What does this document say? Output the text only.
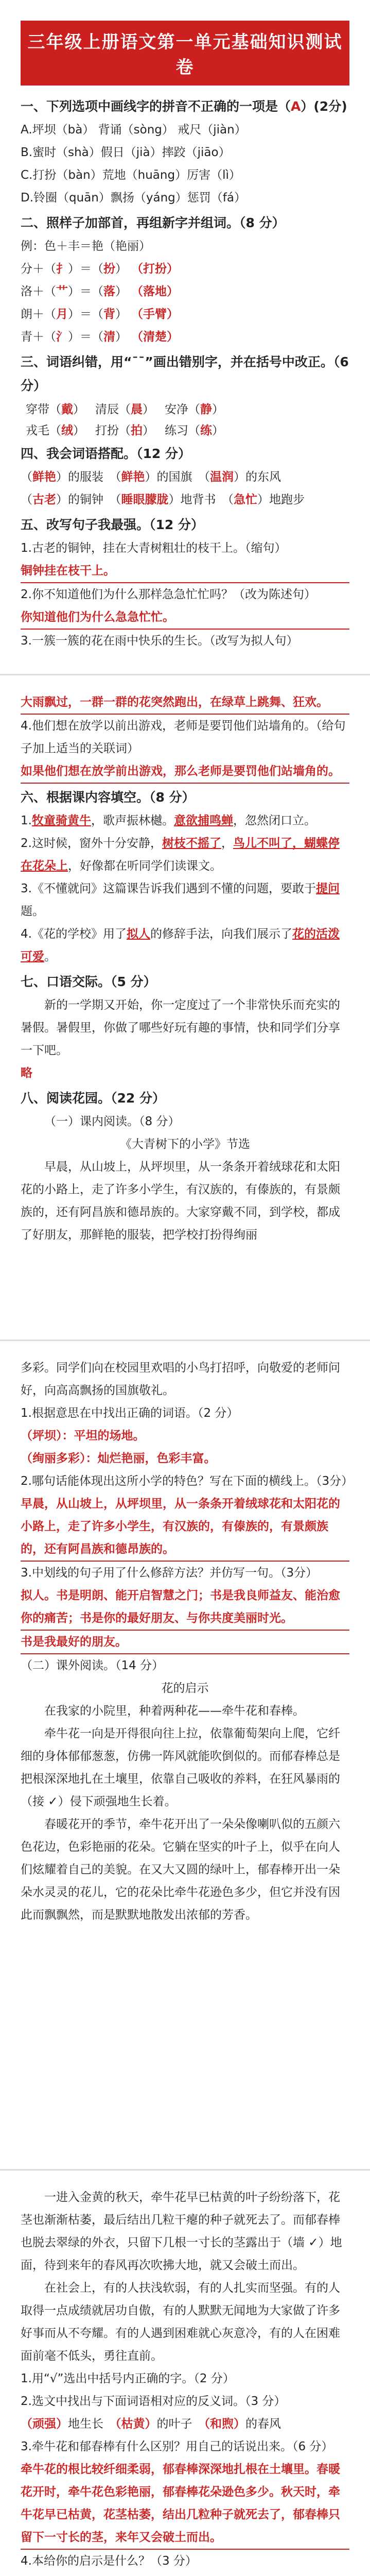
三年级上册语文第一单元基础知识测试卷
一、下列选项中画线字的拼音不正确的一项是（A）(2分)
A.坪坝（bà） 背诵（sòng） 戒尺（jiàn）
B.蜜时（shà）假日（jià）摔跤（jiāo）
C.打扮（bàn）荒地（huāng）厉害（lì）
D.铃圈（quān）飘扬（yáng）惩罚（fá）
二、照样子加部首，再组新字并组词。（8 分）
例：色＋丰＝艳（艳丽）
分＋（扌）＝（扮） （打扮）
洛＋（艹）＝（落） （落地）
朗＋（月）＝（背） （手臂）
青＋（氵）＝（清） （清楚）
三、词语纠错，用“ˉˉ”画出错别字，并在括号中改正。（6 分）
穿带（戴）	清辰（晨）	安净（静）
戎毛（绒）	打扮（拍）	练习（练）
四、我会词语搭配。（12 分）
（鲜艳）的服装　（鲜艳）的国旗　（温润）的东风
（古老）的铜钟　（睡眼朦胧）地背书　（急忙）地跑步
五、改写句子我最强。（12 分）
1.古老的铜钟，挂在大青树粗壮的枝干上。（缩句）
铜钟挂在枝干上。
2.你不知道他们为什么那样急急忙忙吗？（改为陈述句）
你知道他们为什么急急忙忙。
3.一簇一簇的花在雨中快乐的生长。（改写为拟人句）
大雨飘过，一群一群的花突然跑出，在绿草上跳舞、狂欢。
4.他们想在放学以前出游戏，老师是要罚他们站墙角的。（给句子加上适当的关联词）
如果他们想在放学前出游戏，那么老师是要罚他们站墙角的。
六、根据课内容填空。（8 分）
1.牧童骑黄牛，歌声振林樾。意欲捕鸣蝉，忽然闭口立。
2.这时候，窗外十分安静，树枝不摇了，鸟儿不叫了，蝴蝶停在花朵上，好像都在听同学们读课文。
3.《不懂就问》这篇课告诉我们遇到不懂的问题，要敢于提问题。
4.《花的学校》用了拟人的修辞手法，向我们展示了花的活泼可爱。
七、口语交际。（5 分）
新的一学期又开始，你一定度过了一个非常快乐而充实的暑假。暑假里，你做了哪些好玩有趣的事情，快和同学们分享一下吧。
略
八、阅读花园。（22 分）
（一）课内阅读。（8 分）
《大青树下的小学》节选
早晨，从山坡上，从坪坝里，从一条条开着绒球花和太阳花的小路上，走了许多小学生，有汉族的，有傣族的，有景颇族的，还有阿昌族和德昂族的。大家穿戴不同，到学校，都成了好朋友，那鲜艳的服装，把学校打扮得绚丽
多彩。同学们向在校园里欢唱的小鸟打招呼，向敬爱的老师问好，向高高飘扬的国旗敬礼。
1.根据意思在中找出正确的词语。（2 分）
（坪坝）：平坦的场地。
（绚丽多彩）：灿烂艳丽，色彩丰富。
2.哪句话能体现出这所小学的特色？写在下面的横线上。（3分）
早晨，从山坡上，从坪坝里，从一条条开着绒球花和太阳花的小路上，走了许多小学生，有汉族的，有傣族的，有景颇族的，还有阿昌族和德昂族的。
3.中划线的句子用了什么修辞方法？并仿写一句。（3分）
拟人。书是明朗、能开启智慧之门；书是我良师益友、能治愈你的痛苦；书是你的最好朋友、与你共度美丽时光。
书是我最好的朋友。
（二）课外阅读。（14 分）
花的启示
在我家的小院里，种着两种花——牵牛花和春棒。
牵牛花一向是开得很向往上拉，依靠葡萄架向上爬，它纤细的身体郁郁葱葱，仿佛一阵风就能吹倒似的。而郁春棒总是把根深深地扎在土壤里，依靠自己吸收的养料，在狂风暴雨的（接 ✓）侵下顽强地生长着。
春暖花开的季节，牵牛花开出了一朵朵像喇叭似的五颜六色花边，色彩艳丽的花朵。它躺在坚实的叶子上，似乎在向人们炫耀着自己的美貌。在又大又圆的绿叶上，郁春棒开出一朵朵水灵灵的花儿，它的花朵比牵牛花逊色多少，但它并没有因此而飘飘然，而是默默地散发出浓郁的芳香。
一进入金黄的秋天，牵牛花早已枯黄的叶子纷纷落下，花茎也渐渐枯萎，最后结出几粒干瘪的种子就死去了。而郁春棒也脱去翠绿的外衣，只留下几根一寸长的茎露出于（墙 ✓）地面，待到来年的春风再次吹拂大地，就又会破土而出。
在社会上，有的人扶浅软弱，有的人扎实而坚强。有的人取得一点成绩就居功自傲，有的人默默无闻地为大家做了许多好事而从不夸耀。有的人遇到困难就心灰意冷，有的人在困难面前毫不低头，勇往直前。
1.用“√”选出中括号内正确的字。（2 分）
2.选文中找出与下面词语相对应的反义词。（3 分）
（顽强）地生长　 （枯黄）的叶子　 （和煦）的春风
3.牵牛花和郁春棒有什么区别？用自己的话说出来。（6 分）
牵牛花的根比较纤细柔弱，郁春棒深深地扎根在土壤里。春暖花开时，牵牛花色彩艳丽，郁春棒花朵逊色多少。秋天时，牵牛花早已枯黄，花茎枯萎，结出几粒种子就死去了，郁春棒只留下一寸长的茎，来年又会破土而出。
4.本给你的启示是什么？（3 分）
